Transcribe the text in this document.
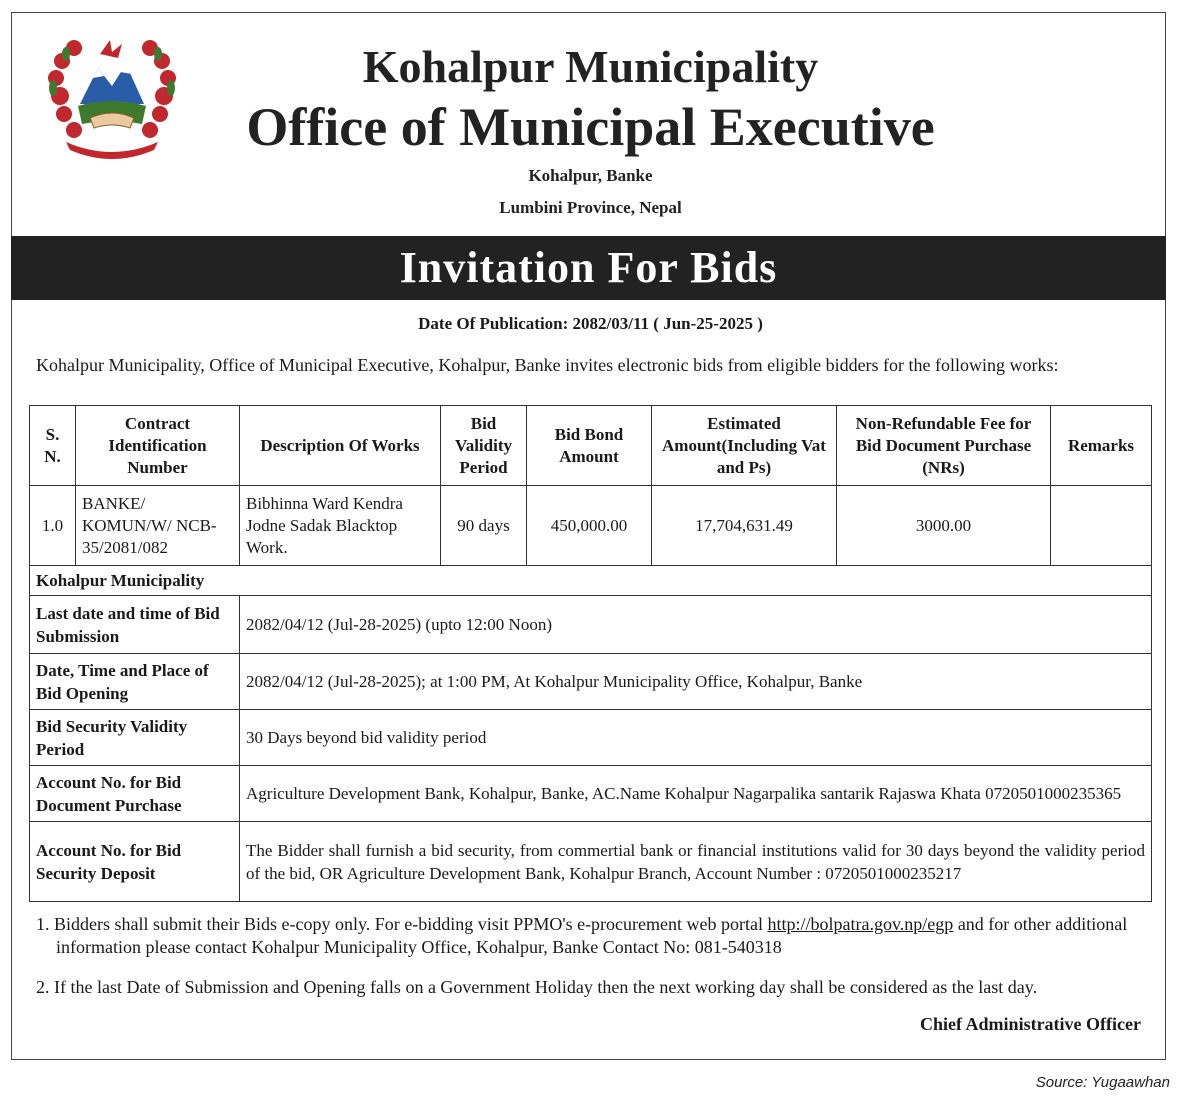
Kohalpur Municipality
Office of Municipal Executive
Kohalpur, Banke
Lumbini Province, Nepal
Invitation For Bids
Date Of Publication: 2082/03/11 ( Jun-25-2025 )
Kohalpur Municipality, Office of Municipal Executive, Kohalpur, Banke invites electronic bids from eligible bidders for the following works:
S. N.	Contract Identification Number	Description Of Works	Bid Validity Period	Bid Bond Amount	Estimated Amount(Including Vat and Ps)	Non-Refundable Fee for Bid Document Purchase (NRs)	Remarks
1.0	BANKE/ KOMUN/W/ NCB-35/2081/082	Bibhinna Ward Kendra Jodne Sadak Blacktop Work.	90 days	450,000.00	17,704,631.49	3000.00	
Kohalpur Municipality							
Last date and time of Bid Submission		2082/04/12 (Jul-28-2025) (upto 12:00 Noon)					
Date, Time and Place of Bid Opening		2082/04/12 (Jul-28-2025); at 1:00 PM, At Kohalpur Municipality Office, Kohalpur, Banke					
Bid Security Validity Period		30 Days beyond bid validity period					
Account No. for Bid Document Purchase		Agriculture Development Bank, Kohalpur, Banke, AC.Name Kohalpur Nagarpalika santarik Rajaswa Khata 0720501000235365					
Account No. for Bid Security Deposit		The Bidder shall furnish a bid security, from commertial bank or financial institutions valid for 30 days beyond the validity period of the bid, OR Agriculture Development Bank, Kohalpur Branch, Account Number : 0720501000235217					
1. Bidders shall submit their Bids e-copy only. For e-bidding visit PPMO's e-procurement web portal http://bolpatra.gov.np/egp and for other additional information please contact Kohalpur Municipality Office, Kohalpur, Banke Contact No: 081-540318
2. If the last Date of Submission and Opening falls on a Government Holiday then the next working day shall be considered as the last day.
Chief Administrative Officer
Source: Yugaawhan
